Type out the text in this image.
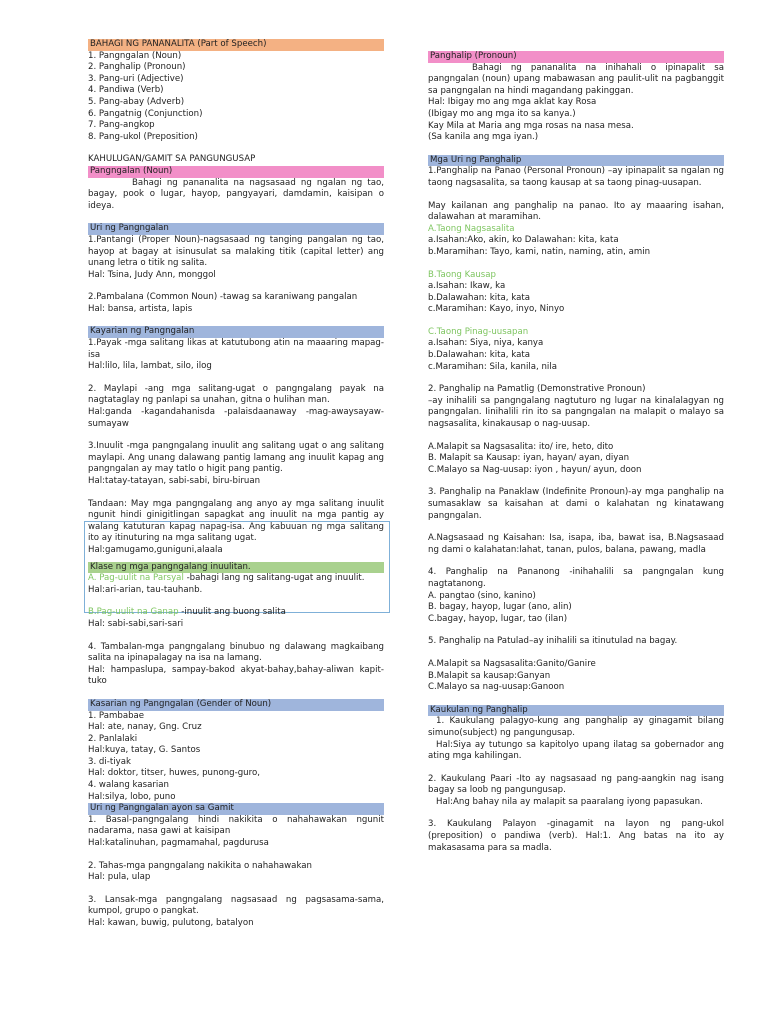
BAHAGI NG PANANALITA (Part of Speech)

1. Pangngalan (Noun)

2. Panghalip (Pronoun)

3. Pang-uri (Adjective)

4. Pandiwa (Verb)

5. Pang-abay (Adverb)

6. Pangatnig (Conjunction)

7. Pang-angkop

8. Pang-ukol (Preposition)

KAHULUGAN/GAMIT SA PANGUNGUSAP

Pangngalan (Noun)

Bahagi ng pananalita na nagsasaad ng ngalan ng tao, bagay, pook o lugar, hayop, pangyayari, damdamin, kaisipan o ideya.

Uri ng Pangngalan

1.Pantangi (Proper Noun)-nagsasaad ng tanging pangalan ng tao, hayop at bagay at isinusulat sa malaking titik (capital letter) ang unang letra o titik ng salita.

Hal: Tsina, Judy Ann, monggol

2.Pambalana (Common Noun) -tawag sa karaniwang pangalan

Hal: bansa, artista, lapis

Kayarian ng Pangngalan

1.Payak -mga salitang likas at katutubong atin na maaaring mapag-isa

Hal:lilo, lila, lambat, silo, ilog

2. Maylapi -ang mga salitang-ugat o pangngalang payak na nagtataglay ng panlapi sa unahan, gitna o hulihan man.

Hal:ganda -kagandahanisda -palaisdaanaway -mag-awaysayaw-sumayaw

3.Inuulit -mga pangngalang inuulit ang salitang ugat o ang salitang maylapi. Ang unang dalawang pantig lamang ang inuulit kapag ang pangngalan ay may tatlo o higit pang pantig.

Hal:tatay-tatayan, sabi-sabi, biru-biruan

Tandaan: May mga pangngalang ang anyo ay mga salitang inuulit ngunit hindi ginigitlingan sapagkat ang inuulit na mga pantig ay walang katuturan kapag napag-isa. Ang kabuuan ng mga salitang ito ay itinuturing na mga salitang ugat.

Hal:gamugamo,guniguni,alaala

Klase ng mga pangngalang inuulitan.

A. Pag-uulit na Parsyal -bahagi lang ng salitang-ugat ang inuulit.

Hal:ari-arian, tau-tauhanb.

B.Pag-uulit na Ganap -inuulit ang buong salita

Hal: sabi-sabi,sari-sari

4. Tambalan-mga pangngalang binubuo ng dalawang magkaibang salita na ipinapalagay na isa na lamang.

Hal: hampaslupa, sampay-bakod akyat-bahay,bahay-aliwan kapit-tuko

Kasarian ng Pangngalan (Gender of Noun)

1. Pambabae

Hal: ate, nanay, Gng. Cruz

2. Panlalaki

Hal:kuya, tatay, G. Santos

3. di-tiyak

Hal: doktor, titser, huwes, punong-guro,

4. walang kasarian

Hal:silya, lobo, puno

Uri ng Pangngalan ayon sa Gamit

1. Basal-pangngalang hindi nakikita o nahahawakan ngunit nadarama, nasa gawi at kaisipan

Hal:katalinuhan, pagmamahal, pagdurusa

2. Tahas-mga pangngalang nakikita o nahahawakan

Hal: pula, ulap

3. Lansak-mga pangngalang nagsasaad ng pagsasama-sama, kumpol, grupo o pangkat.

Hal: kawan, buwig, pulutong, batalyon

Panghalip (Pronoun)

Bahagi ng pananalita na inihahali o ipinapalit sa pangngalan (noun) upang mabawasan ang paulit-ulit na pagbanggit sa pangngalan na hindi magandang pakinggan.

Hal: Ibigay mo ang mga aklat kay Rosa

(Ibigay mo ang mga ito sa kanya.)

Kay Mila at Maria ang mga rosas na nasa mesa.

(Sa kanila ang mga iyan.)

Mga Uri ng Panghalip

1.Panghalip na Panao (Personal Pronoun) –ay ipinapalit sa ngalan ng taong nagsasalita, sa taong kausap at sa taong pinag-uusapan.

May kailanan ang panghalip na panao. Ito ay maaaring isahan, dalawahan at maramihan.

A.Taong Nagsasalita

a.Isahan:Ako, akin, ko Dalawahan: kita, kata

b.Maramihan: Tayo, kami, natin, naming, atin, amin

B.Taong Kausap

a.Isahan: Ikaw, ka

b.Dalawahan: kita, kata

c.Maramihan: Kayo, inyo, Ninyo

C.Taong Pinag-uusapan

a.Isahan: Siya, niya, kanya

b.Dalawahan: kita, kata

c.Maramihan: Sila, kanila, nila

2. Panghalip na Pamatlig (Demonstrative Pronoun)

–ay inihalili sa pangngalang nagtuturo ng lugar na kinalalagyan ng pangngalan. Iinihalili rin ito sa pangngalan na malapit o malayo sa nagsasalita, kinakausap o nag-uusap.

A.Malapit sa Nagsasalita: ito/ ire, heto, dito

B. Malapit sa Kausap: iyan, hayan/ ayan, diyan

C.Malayo sa Nag-uusap: iyon , hayun/ ayun, doon

3. Panghalip na Panaklaw (Indefinite Pronoun)-ay mga panghalip na sumasaklaw sa kaisahan at dami o kalahatan ng kinatawang pangngalan.

A.Nagsasaad ng Kaisahan: Isa, isapa, iba, bawat isa, B.Nagsasaad ng dami o kalahatan:lahat, tanan, pulos, balana, pawang, madla

4. Panghalip na Pananong -inihahalili sa pangngalan kung nagtatanong.

A. pangtao (sino, kanino)

B. bagay, hayop, lugar (ano, alin)

C.bagay, hayop, lugar, tao (ilan)

5. Panghalip na Patulad–ay inihalili sa itinutulad na bagay.

A.Malapit sa Nagsasalita:Ganito/Ganire

B.Malapit sa kausap:Ganyan

C.Malayo sa nag-uusap:Ganoon

Kaukulan ng Panghalip

1. Kaukulang palagyo-kung ang panghalip ay ginagamit bilang simuno(subject) ng pangungusap.

Hal:Siya ay tutungo sa kapitolyo upang ilatag sa gobernador ang ating mga kahilingan.

2. Kaukulang Paari -Ito ay nagsasaad ng pang-aangkin nag isang bagay sa loob ng pangungusap.

Hal:Ang bahay nila ay malapit sa paaralang iyong papasukan.

3. Kaukulang Palayon -ginagamit na layon ng pang-ukol (preposition) o pandiwa (verb). Hal:1. Ang batas na ito ay makasasama para sa madla.
